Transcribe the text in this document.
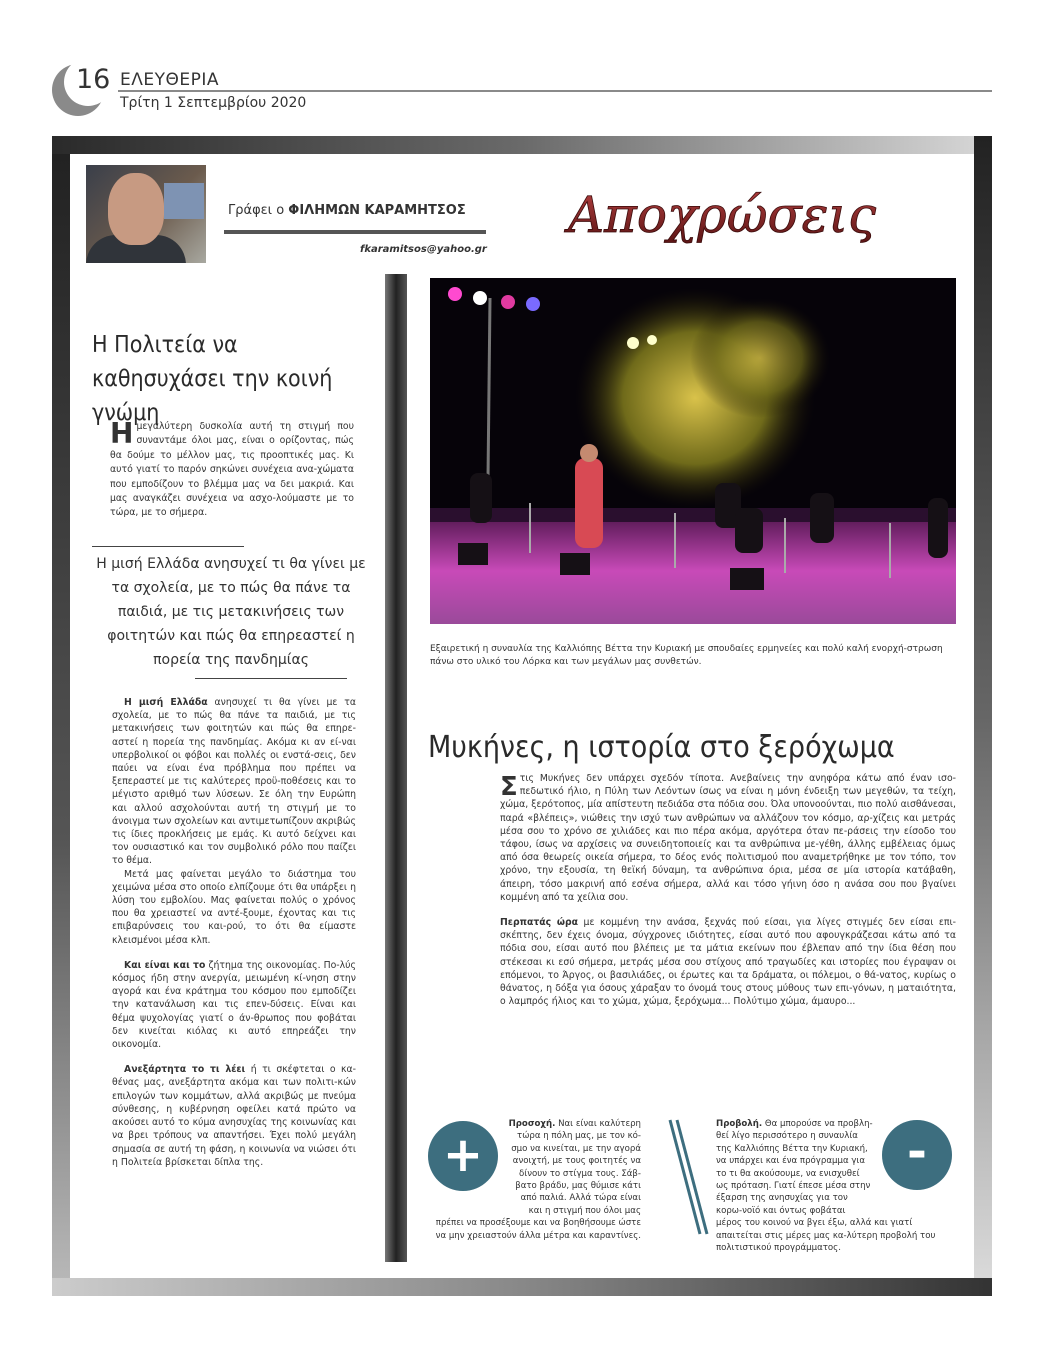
16 ΕΛΕΥΘΕΡΙΑ
Τρίτη 1 Σεπτεμβρίου 2020
Γράφει ο ΦΙΛΗΜΩΝ ΚΑΡΑΜΗΤΣΟΣ
fkaramitsos@yahoo.gr
Αποχρώσεις
Η Πολιτεία να καθησυχάσει την κοινή γνώμη
Ημεγαλύτερη δυσκολία αυτή τη στιγμή που συναντάμε όλοι μας, είναι ο ορίζοντας, πώς θα δούμε το μέλλον μας, τις προοπτικές μας. Κι αυτό γιατί το παρόν σηκώνει συνέχεια ανα-χώματα που εμποδίζουν το βλέμμα μας να δει μακριά. Και μας αναγκάζει συνέχεια να ασχο-λούμαστε με το τώρα, με το σήμερα.
Η μισή Ελλάδα ανησυχεί τι θα γίνει με τα σχολεία, με το πώς θα πάνε τα παιδιά, με τις μετακινήσεις των φοιτητών και πώς θα επηρεαστεί η πορεία της πανδημίας

Η μισή Ελλάδα ανησυχεί τι θα γίνει με τα σχολεία, με το πώς θα πάνε τα παιδιά, με τις μετακινήσεις των φοιτητών και πώς θα επηρε-αστεί η πορεία της πανδημίας. Ακόμα κι αν εί-ναι υπερβολικοί οι φόβοι και πολλές οι ενστά-σεις, δεν παύει να είναι ένα πρόβλημα που πρέπει να ξεπεραστεί με τις καλύτερες προϋ-ποθέσεις και το μέγιστο αριθμό των λύσεων. Σε όλη την Ευρώπη και αλλού ασχολούνται αυτή τη στιγμή με το άνοιγμα των σχολείων και αντιμετωπίζουν ακριβώς τις ίδιες προκλήσεις με εμάς. Κι αυτό δείχνει και τον ουσιαστικό και τον συμβολικό ρόλο που παίζει το θέμα.

Μετά μας φαίνεται μεγάλο το διάστημα του χειμώνα μέσα στο οποίο ελπίζουμε ότι θα υπάρξει η λύση του εμβολίου. Μας φαίνεται πολύς ο χρόνος που θα χρειαστεί να αντέ-ξουμε, έχοντας και τις επιβαρύνσεις του και-ρού, το ότι θα είμαστε κλεισμένοι μέσα κλπ.

Και είναι και το ζήτημα της οικονομίας. Πο-λύς κόσμος ήδη στην ανεργία, μειωμένη κί-νηση στην αγορά και ένα κράτημα του κόσμου που εμποδίζει την κατανάλωση και τις επεν-δύσεις. Είναι και θέμα ψυχολογίας γιατί ο άν-θρωπος που φοβάται δεν κινείται κιόλας κι αυτό επηρεάζει την οικονομία.

Ανεξάρτητα το τι λέει ή τι σκέφτεται ο κα-θένας μας, ανεξάρτητα ακόμα και των πολιτι-κών επιλογών των κομμάτων, αλλά ακριβώς με πνεύμα σύνθεσης, η κυβέρνηση οφείλει κατά πρώτο να ακούσει αυτό το κύμα ανησυχίας της κοινωνίας και να βρει τρόπους να απαντήσει. Έχει πολύ μεγάλη σημασία σε αυτή τη φάση, η κοινωνία να νιώσει ότι η Πολιτεία βρίσκεται δίπλα της.

Εξαιρετική η συναυλία της Καλλιόπης Βέττα την Κυριακή με σπουδαίες ερμηνείες και πολύ καλή ενορχή-στρωση πάνω στο υλικό του Λόρκα και των μεγάλων μας συνθετών.
Μυκήνες, η ιστορία στο ξερόχωμα

Στις Μυκήνες δεν υπάρχει σχεδόν τίποτα. Ανεβαίνεις την ανηφόρα κάτω από έναν ισο-πεδωτικό ήλιο, η Πύλη των Λεόντων ίσως να είναι η μόνη ένδειξη των μεγεθών, τα τείχη, χώμα, ξερότοπος, μία απίστευτη πεδιάδα στα πόδια σου. Όλα υπονοούνται, πιο πολύ αισθάνεσαι, παρά «βλέπεις», νιώθεις την ισχύ των ανθρώπων να αλλάζουν τον κόσμο, αρ-χίζεις και μετράς μέσα σου το χρόνο σε χιλιάδες και πιο πέρα ακόμα, αργότερα όταν πε-ράσεις την είσοδο του τάφου, ίσως να αρχίσεις να συνειδητοποιείς και τα ανθρώπινα με-γέθη, άλλης εμβέλειας όμως από όσα θεωρείς οικεία σήμερα, το δέος ενός πολιτισμού που αναμετρήθηκε με τον τόπο, τον χρόνο, την εξουσία, τη θεϊκή δύναμη, τα ανθρώπινα όρια, μέσα σε μία ιστορία κατάβαθη, άπειρη, τόσο μακρινή από εσένα σήμερα, αλλά και τόσο γήινη όσο η ανάσα σου που βγαίνει κομμένη από τα χείλια σου.

Περπατάς ώρα με κομμένη την ανάσα, ξεχνάς πού είσαι, για λίγες στιγμές δεν είσαι επι-σκέπτης, δεν έχεις όνομα, σύγχρονες ιδιότητες, είσαι αυτό που αφουγκράζεσαι κάτω από τα πόδια σου, είσαι αυτό που βλέπεις με τα μάτια εκείνων που έβλεπαν από την ίδια θέση που στέκεσαι κι εσύ σήμερα, μετράς μέσα σου στίχους από τραγωδίες και ιστορίες που έγραψαν οι επόμενοι, το Άργος, οι βασιλιάδες, οι έρωτες και τα δράματα, οι πόλεμοι, ο θά-νατος, κυρίως ο θάνατος, η δόξα για όσους χάραξαν το όνομά τους στους μύθους των επι-γόνων, η ματαιότητα, ο λαμπρός ήλιος και το χώμα, χώμα, ξερόχωμα... Πολύτιμο χώμα, άμαυρο...

+
Προσοχή. Ναι είναι καλύτερη τώρα η πόλη μας, με τον κό-σμο να κινείται, με την αγορά ανοιχτή, με τους φοιτητές να δίνουν το στίγμα τους. Σάβ-βατο βράδυ, μας θύμισε κάτι από παλιά. Αλλά τώρα είναι και η στιγμή που όλοι μας πρέπει να προσέξουμε και να βοηθήσουμε ώστε να μην χρειαστούν άλλα μέτρα και καραντίνες.
-
Προβολή. Θα μπορούσε να προβλη-θεί λίγο περισσότερο η συναυλία της Καλλιόπης Βέττα την Κυριακή, να υπάρχει και ένα πρόγραμμα για το τι θα ακούσουμε, να ενισχυθεί ως πρόταση. Γιατί έπεσε μέσα στην έξαρση της ανησυχίας για τον κορω-νοϊό και όντως φοβάται μέρος του κοινού να βγει έξω, αλλά και γιατί απαιτείται στις μέρες μας κα-λύτερη προβολή του πολιτιστικού προγράμματος.
